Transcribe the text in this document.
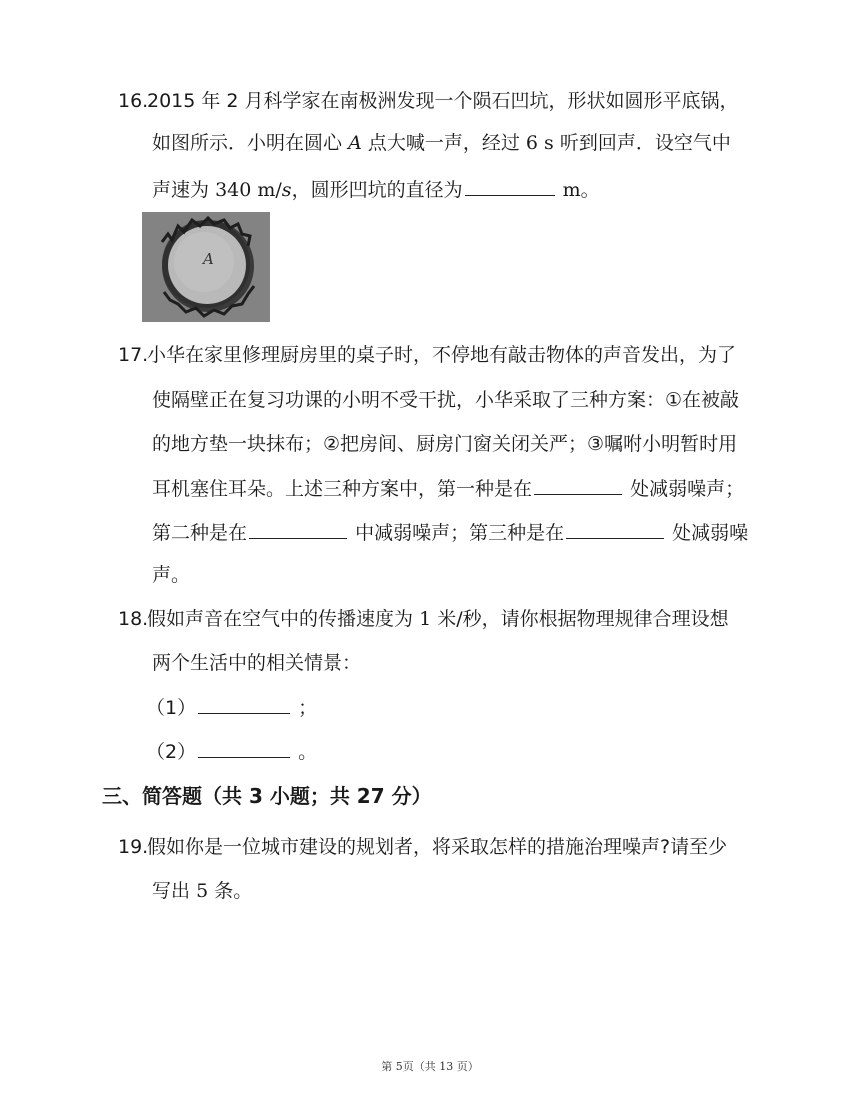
16.
2015 年 2 月科学家在南极洲发现一个陨石凹坑，形状如圆形平底锅，
如图所示．小明在圆心 A 点大喊一声，经过 6 s 听到回声．设空气中
声速为 340 m/s，圆形凹坑的直径为	m。
A
17.
小华在家里修理厨房里的桌子时，不停地有敲击物体的声音发出，为了
使隔壁正在复习功课的小明不受干扰，小华采取了三种方案：①在被敲
的地方垫一块抹布；②把房间、厨房门窗关闭关严；③嘱咐小明暂时用
耳机塞住耳朵。上述三种方案中，第一种是在	处减弱噪声；
第二种是在	中减弱噪声；第三种是在	处减弱噪
声。
18.
假如声音在空气中的传播速度为 1 米/秒，请你根据物理规律合理设想
两个生活中的相关情景：
（1）	；
（2）	。
三、简答题（共 3 小题；共 27 分）
19.
假如你是一位城市建设的规划者，将采取怎样的措施治理噪声?请至少
写出 5 条。
第 5页（共 13 页）
